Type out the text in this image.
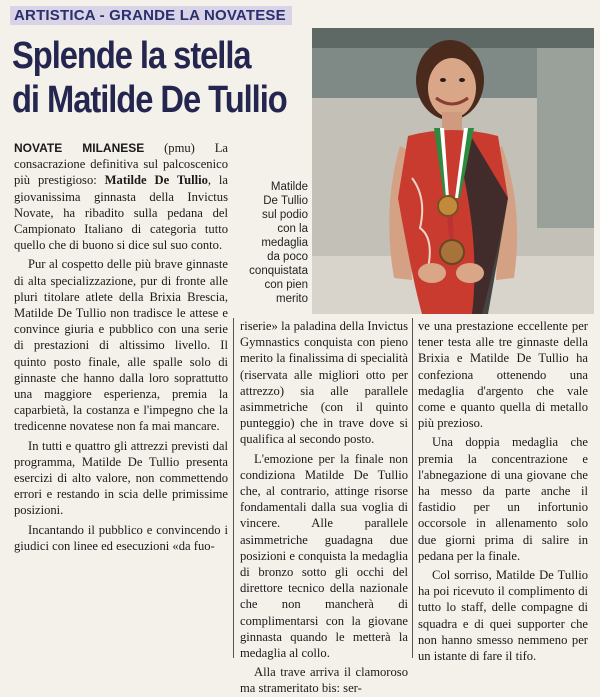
ARTISTICA - GRANDE LA NOVATESE
Splende la stella
di Matilde De Tullio
Matilde
De Tullio
sul podio
con la
medaglia
da poco
conquistata
con pien
merito

NOVATE MILANESE (pmu) La consacrazione definitiva sul palcoscenico più prestigioso: Matilde De Tullio, la giovanissima ginnasta della Invictus Novate, ha ribadito sulla pedana del Campionato Italiano di categoria tutto quello che di buono si dice sul suo conto.

Pur al cospetto delle più brave ginnaste di alta specializzazione, pur di fronte alle pluri titolare atlete della Brixia Brescia, Matilde De Tullio non tradisce le attese e convince giuria e pubblico con una serie di prestazioni di altissimo livello. Il quinto posto finale, alle spalle solo di ginnaste che hanno dalla loro soprattutto una maggiore esperienza, premia la caparbietà, la costanza e l'impegno che la tredicenne novatese non fa mai mancare.

In tutti e quattro gli attrezzi previsti dal programma, Matilde De Tullio presenta esercizi di alto valore, non commettendo errori e restando in scia delle primissime posizioni.

Incantando il pubblico e convincendo i giudici con linee ed esecuzioni «da fuo-

riserie» la paladina della Invictus Gymnastics conquista con pieno merito la finalissima di specialità (riservata alle migliori otto per attrezzo) sia alle parallele asimmetriche (con il quinto punteggio) che in trave dove si qualifica al secondo posto.

L'emozione per la finale non condiziona Matilde De Tullio che, al contrario, attinge risorse fondamentali dalla sua voglia di vincere. Alle parallele asimmetriche guadagna due posizioni e conquista la medaglia di bronzo sotto gli occhi del direttore tecnico della nazionale che non mancherà di complimentarsi con la giovane ginnasta quando le metterà la medaglia al collo.

Alla trave arriva il clamoroso ma strameritato bis: ser-

ve una prestazione eccellente per tener testa alle tre ginnaste della Brixia e Matilde De Tullio ha confeziona ottenendo una medaglia d'argento che vale come e quanto quella di metallo più prezioso.

Una doppia medaglia che premia la concentrazione e l'abnegazione di una giovane che ha messo da parte anche il fastidio per un infortunio occorsole in allenamento solo due giorni prima di salire in pedana per la finale.

Col sorriso, Matilde De Tullio ha poi ricevuto il complimento di tutto lo staff, delle compagne di squadra e di quei supporter che non hanno smesso nemmeno per un istante di fare il tifo.
